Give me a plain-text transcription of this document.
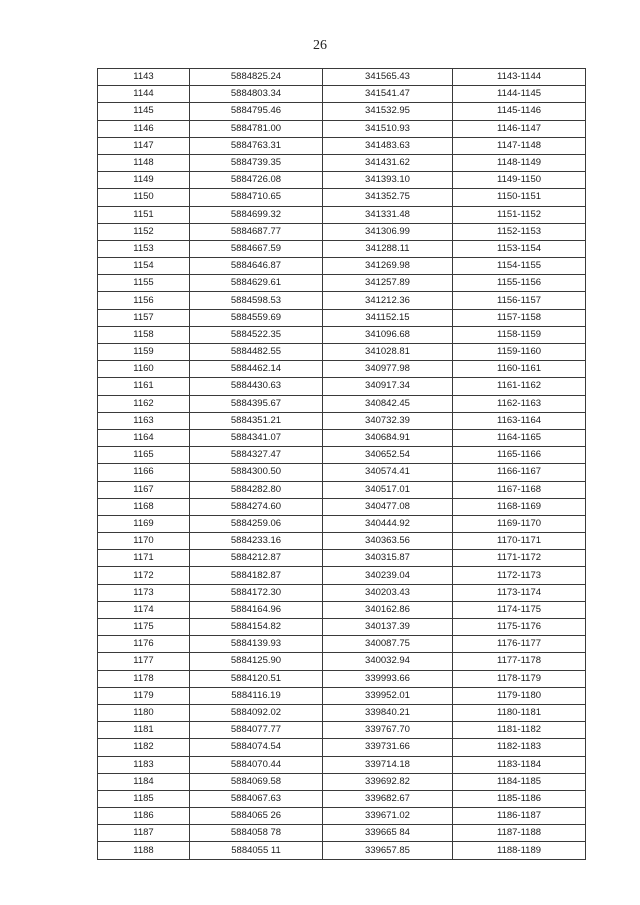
26
1143	5884825.24	341565.43	1143-1144
1144	5884803.34	341541.47	1144-1145
1145	5884795.46	341532.95	1145-1146
1146	5884781.00	341510.93	1146-1147
1147	5884763.31	341483.63	1147-1148
1148	5884739.35	341431.62	1148-1149
1149	5884726.08	341393.10	1149-1150
1150	5884710.65	341352.75	1150-1151
1151	5884699.32	341331.48	1151-1152
1152	5884687.77	341306.99	1152-1153
1153	5884667.59	341288.11	1153-1154
1154	5884646.87	341269.98	1154-1155
1155	5884629.61	341257.89	1155-1156
1156	5884598.53	341212.36	1156-1157
1157	5884559.69	341152.15	1157-1158
1158	5884522.35	341096.68	1158-1159
1159	5884482.55	341028.81	1159-1160
1160	5884462.14	340977.98	1160-1161
1161	5884430.63	340917.34	1161-1162
1162	5884395.67	340842.45	1162-1163
1163	5884351.21	340732.39	1163-1164
1164	5884341.07	340684.91	1164-1165
1165	5884327.47	340652.54	1165-1166
1166	5884300.50	340574.41	1166-1167
1167	5884282.80	340517.01	1167-1168
1168	5884274.60	340477.08	1168-1169
1169	5884259.06	340444.92	1169-1170
1170	5884233.16	340363.56	1170-1171
1171	5884212.87	340315.87	1171-1172
1172	5884182.87	340239.04	1172-1173
1173	5884172.30	340203.43	1173-1174
1174	5884164.96	340162.86	1174-1175
1175	5884154.82	340137.39	1175-1176
1176	5884139.93	340087.75	1176-1177
1177	5884125.90	340032.94	1177-1178
1178	5884120.51	339993.66	1178-1179
1179	5884116.19	339952.01	1179-1180
1180	5884092.02	339840.21	1180-1181
1181	5884077.77	339767.70	1181-1182
1182	5884074.54	339731.66	1182-1183
1183	5884070.44	339714.18	1183-1184
1184	5884069.58	339692.82	1184-1185
1185	5884067.63	339682.67	1185-1186
1186	5884065 26	339671.02	1186-1187
1187	5884058 78	339665 84	1187-1188
1188	5884055 11	339657.85	1188-1189
